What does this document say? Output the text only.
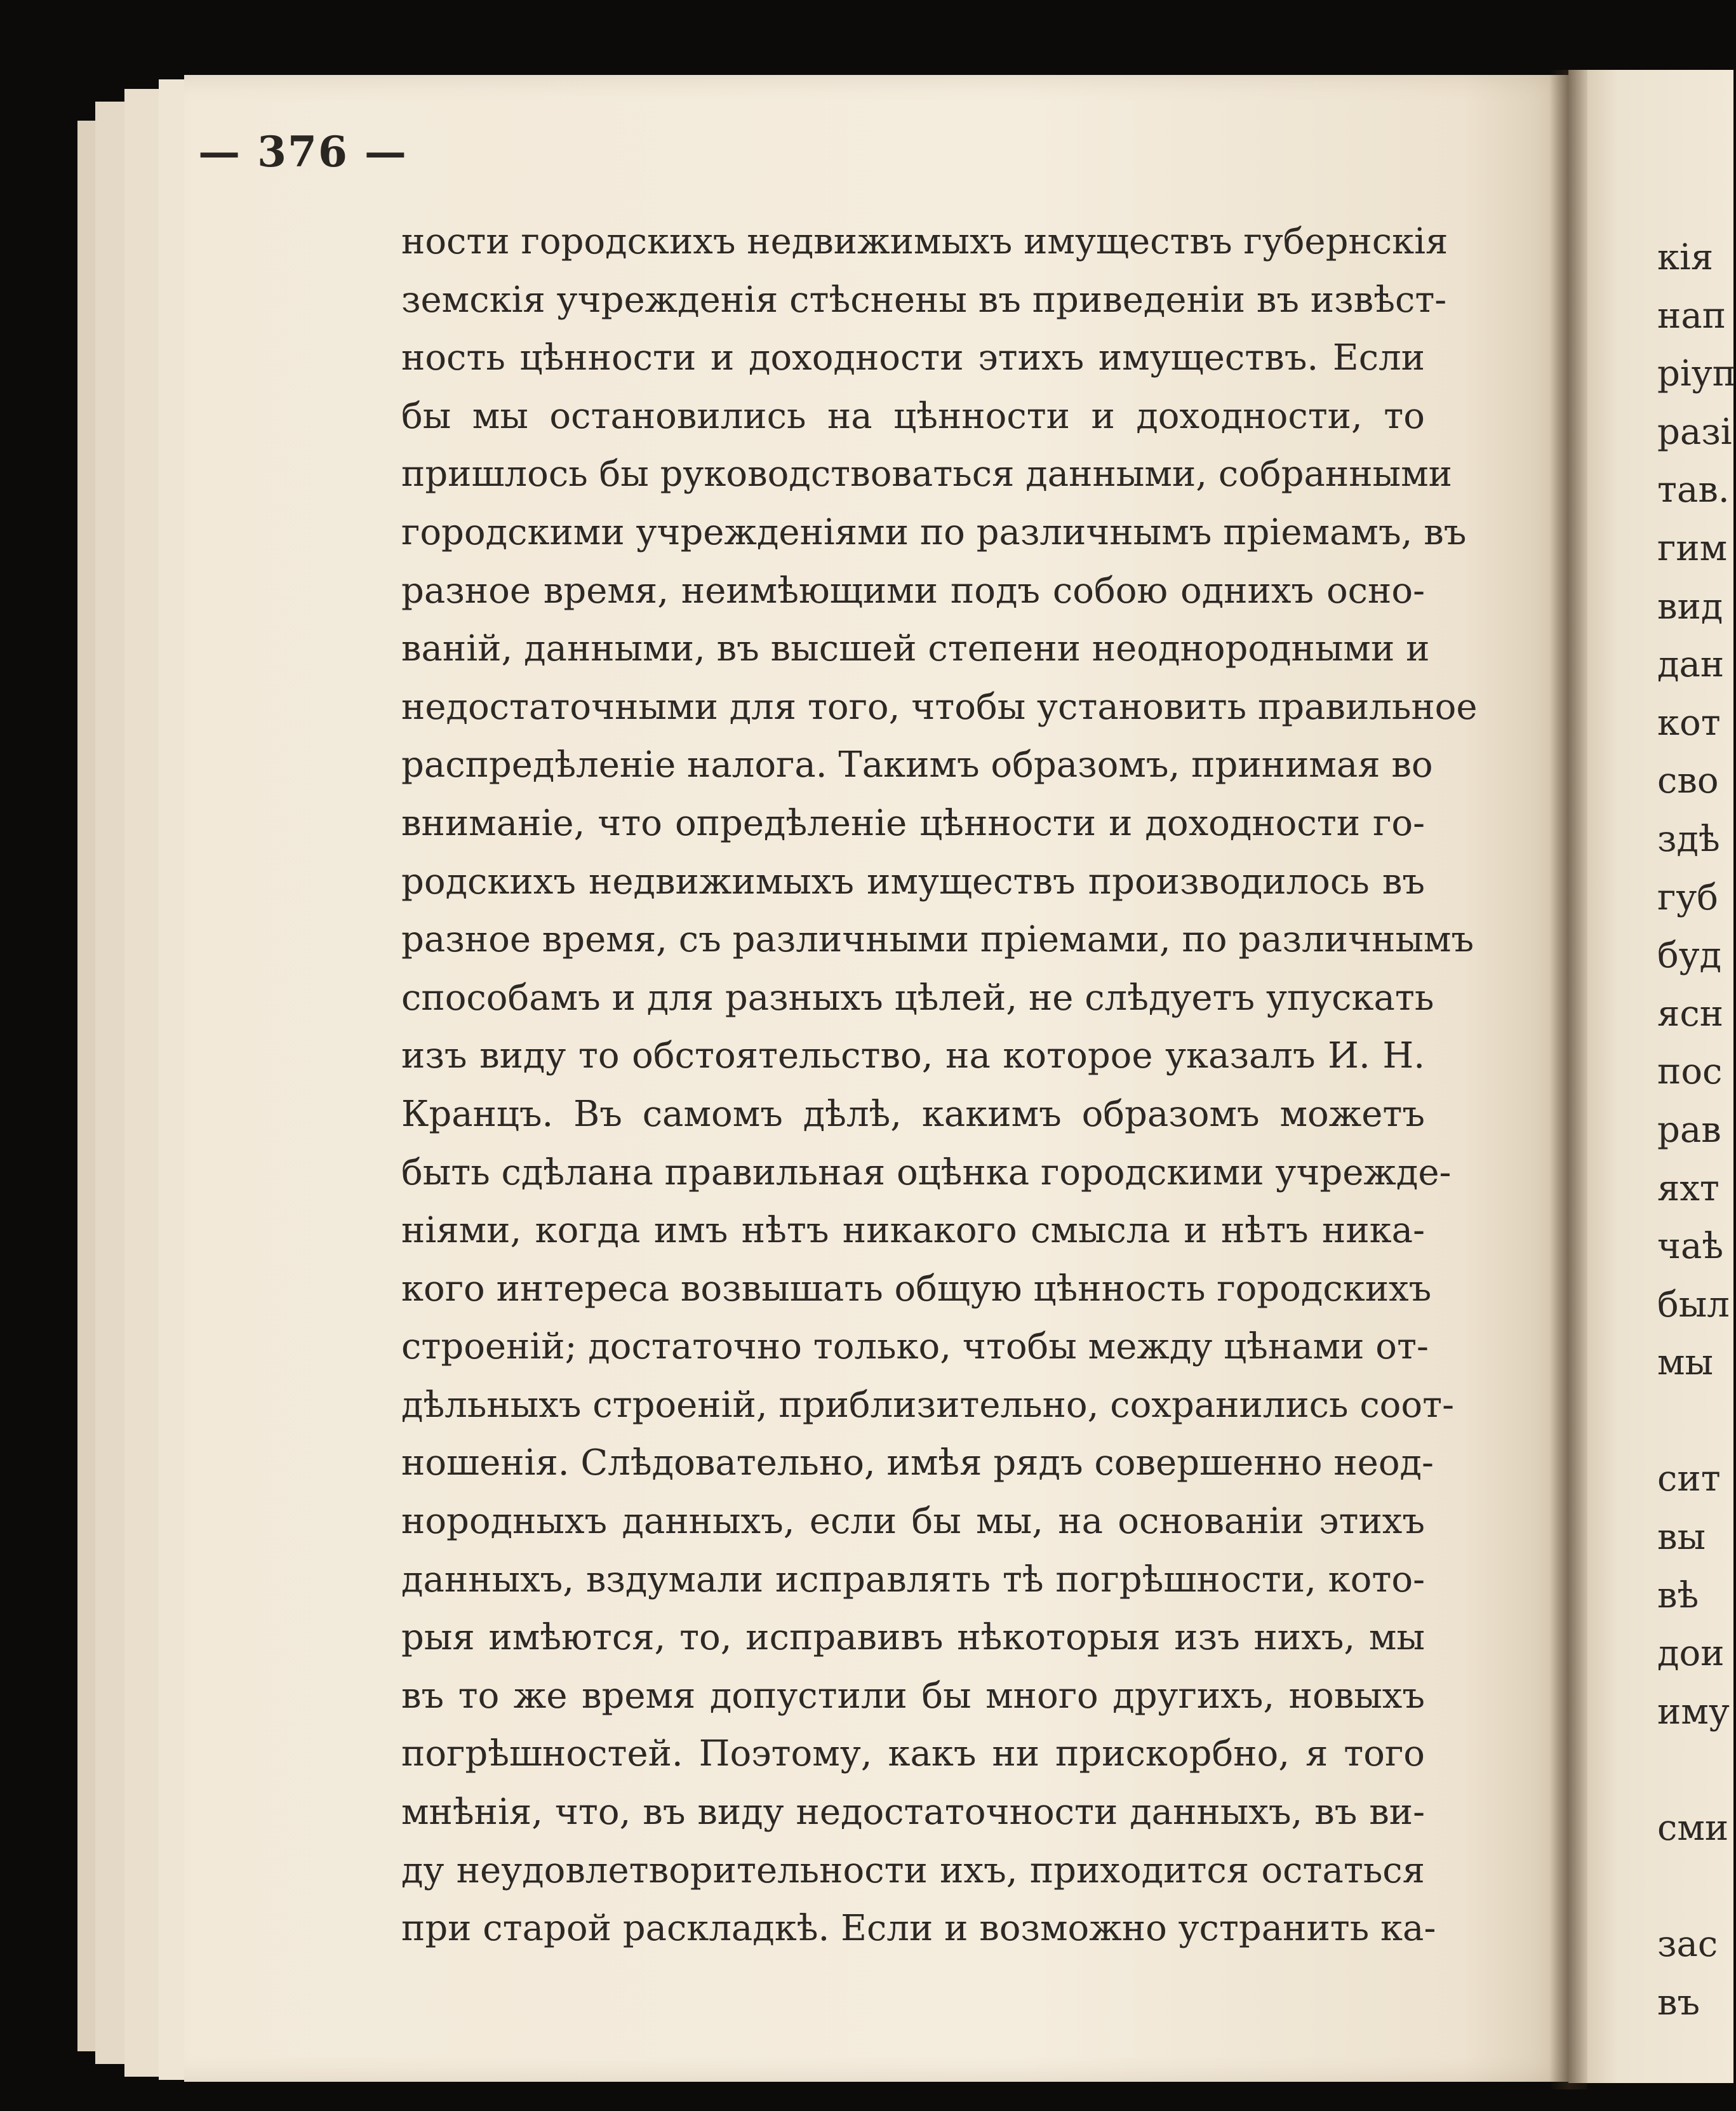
— 376 —
ности городскихъ недвижимыхъ имуществъ губернскія
земскія учрежденія стѣснены въ приведеніи въ извѣст-
ность цѣнности и доходности этихъ имуществъ. Если
бы мы остановились на цѣнности и доходности, то
пришлось бы руководствоваться данными, собранными
городскими учрежденіями по различнымъ пріемамъ, въ
разное время, неимѣющими подъ собою однихъ осно-
ваній, данными, въ высшей степени неоднородными и
недостаточными для того, чтобы установить правильное
распредѣленіе налога. Такимъ образомъ, принимая во
вниманіе, что опредѣленіе цѣнности и доходности го-
родскихъ недвижимыхъ имуществъ производилось въ
разное время, съ различными пріемами, по различнымъ
способамъ и для разныхъ цѣлей, не слѣдуетъ упускать
изъ виду то обстоятельство, на которое указалъ И. Н.
Кранцъ. Въ самомъ дѣлѣ, какимъ образомъ можетъ
быть сдѣлана правильная оцѣнка городскими учрежде-
ніями, когда имъ нѣтъ никакого смысла и нѣтъ ника-
кого интереса возвышать общую цѣнность городскихъ
строеній; достаточно только, чтобы между цѣнами от-
дѣльныхъ строеній, приблизительно, сохранились соот-
ношенія. Слѣдовательно, имѣя рядъ совершенно неод-
нородныхъ данныхъ, если бы мы, на основаніи этихъ
данныхъ, вздумали исправлять тѣ погрѣшности, кото-
рыя имѣются, то, исправивъ нѣкоторыя изъ нихъ, мы
въ то же время допустили бы много другихъ, новыхъ
погрѣшностей. Поэтому, какъ ни прискорбно, я того
мнѣнія, что, въ виду недостаточности данныхъ, въ ви-
ду неудовлетворительности ихъ, приходится остаться
при старой раскладкѣ. Если и возможно устранить ка-
кія
нап
ріуп
разі
тав.
гим
вид
дан
кот
сво
здѣ
губ
буд
ясн
пос
рав
яхт
чаѣ
был
мы
сит
вы
вѣ
дои
иму
сми
зас
въ
